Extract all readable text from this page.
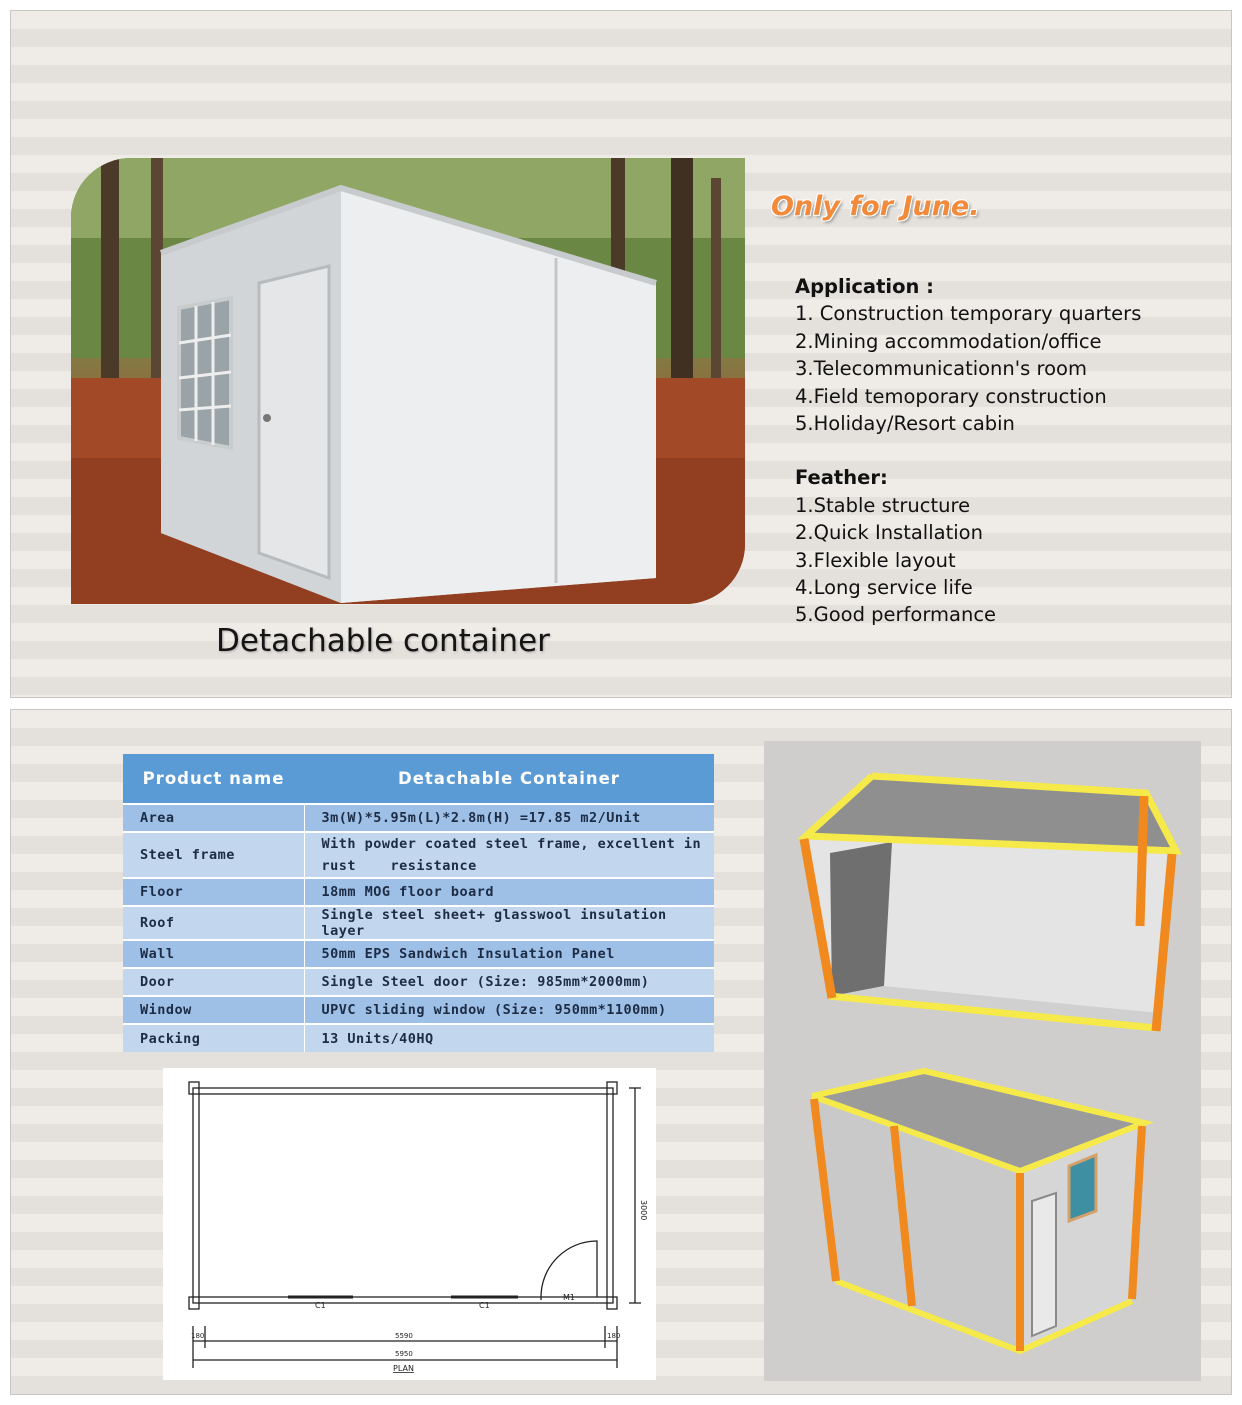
Detachable container
Only for June.
Application :
1. Construction temporary quarters
2.Mining accommodation/office
3.Telecommunicationn's room
4.Field temoporary construction
5.Holiday/Resort cabin
Feather:
1.Stable structure
2.Quick Installation
3.Flexible layout
4.Long service life
5.Good performance
Product name	Detachable Container
Area	3m(W)*5.95m(L)*2.8m(H) =17.85 m2/Unit
Steel frame	With powder coated steel frame, excellent in
rust    resistance

Floor	18mm MOG floor board
Roof	Single steel sheet+ glasswool insulation layer
Wall	50mm EPS Sandwich Insulation Panel
Door	Single Steel door (Size: 985mm*2000mm)
Window	UPVC sliding window (Size: 950mm*1100mm)
Packing	13 Units/40HQ
C1	C1
M1
3000
180	5590	180
5950
PLAN
